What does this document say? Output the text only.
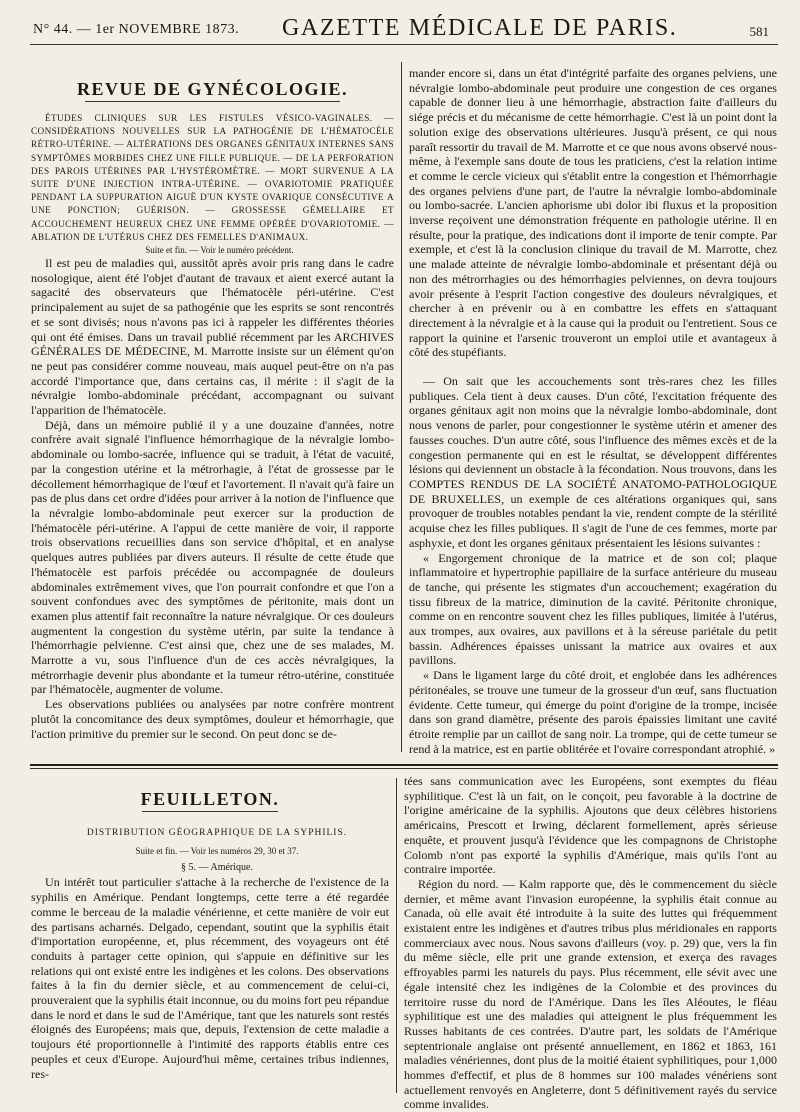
N° 44. — 1er NOVEMBRE 1873. GAZETTE MÉDICALE DE PARIS.	581
REVUE DE GYNÉCOLOGIE.

ÉTUDES CLINIQUES SUR LES FISTULES VÉSICO-VAGINALES. — CONSIDÉRATIONS NOUVELLES SUR LA PATHOGÉNIE DE L'HÉMATOCÈLE RÉTRO-UTÉRINE. — ALTÉRATIONS DES ORGANES GÉNITAUX INTERNES SANS SYMPTÔMES MORBIDES CHEZ UNE FILLE PUBLIQUE. — DE LA PERFORATION DES PAROIS UTÉRINES PAR L'HYSTÉROMÈTRE. — MORT SURVENUE A LA SUITE D'UNE INJECTION INTRA-UTÉRINE. — OVARIOTOMIE PRATIQUÉE PENDANT LA SUPPURATION AIGUË D'UN KYSTE OVARIQUE CONSÉCUTIVE A UNE PONCTION; GUÉRISON. — GROSSESSE GÉMELLAIRE ET ACCOUCHEMENT HEUREUX CHEZ UNE FEMME OPÉRÉE D'OVARIOTOMIE. — ABLATION DE L'UTÉRUS CHEZ DES FEMELLES D'ANIMAUX.

Suite et fin. — Voir le numéro précédent.

Il est peu de maladies qui, aussitôt après avoir pris rang dans le cadre nosologique, aient été l'objet d'autant de travaux et aient exercé autant la sagacité des observateurs que l'hématocèle péri-utérine. C'est principalement au sujet de sa pathogénie que les esprits se sont rencontrés et se sont divisés; nous n'avons pas ici à rappeler les différentes théories qui ont été émises. Dans un travail publié récemment par les ARCHIVES GÉNÉRALES DE MÉDECINE, M. Marrotte insiste sur un élément qu'on ne peut pas considérer comme nouveau, mais auquel peut-être on n'a pas accordé l'importance que, dans certains cas, il mérite : il s'agit de la névralgie lombo-abdominale précédant, accompagnant ou suivant l'apparition de l'hématocèle.

Déjà, dans un mémoire publié il y a une douzaine d'années, notre confrère avait signalé l'influence hémorrhagique de la névralgie lombo-abdominale ou lombo-sacrée, influence qui se traduit, à l'état de vacuité, par la congestion utérine et la métrorhagie, à l'état de grossesse par le décollement hémorrhagique de l'œuf et l'avortement. Il n'avait qu'à faire un pas de plus dans cet ordre d'idées pour arriver à la notion de l'influence que la névralgie lombo-abdominale peut exercer sur la production de l'hématocèle péri-utérine. A l'appui de cette manière de voir, il rapporte trois observations recueillies dans son service d'hôpital, et en analyse quelques autres publiées par divers auteurs. Il résulte de cette étude que l'hématocèle est parfois précédée ou accompagnée de douleurs abdominales extrêmement vives, que l'on pourrait confondre et que l'on a souvent confondues avec des symptômes de péritonite, mais dont un examen plus attentif fait reconnaître la nature névralgique. Or ces douleurs augmentent la congestion du système utérin, par suite la tendance à l'hémorrhagie pelvienne. C'est ainsi que, chez une de ses malades, M. Marrotte a vu, sous l'influence d'un de ces accès névralgiques, la métrorrhagie devenir plus abondante et la tumeur rétro-utérine, constituée par l'hématocèle, augmenter de volume.

Les observations publiées ou analysées par notre confrère montrent plutôt la concomitance des deux symptômes, douleur et hémorrhagie, que l'action primitive du premier sur le second. On peut donc se de-

mander encore si, dans un état d'intégrité parfaite des organes pelviens, une névralgie lombo-abdominale peut produire une congestion de ces organes capable de donner lieu à une hémorrhagie, abstraction faite d'ailleurs du siége précis et du mécanisme de cette hémorrhagie. C'est là un point dont la solution exige des observations ultérieures. Jusqu'à présent, ce qui nous paraît ressortir du travail de M. Marrotte et ce que nous avons observé nous-même, à l'exemple sans doute de tous les praticiens, c'est la relation intime et comme le cercle vicieux qui s'établit entre la congestion et l'hémorrhagie des organes pelviens d'une part, de l'autre la névralgie lombo-abdominale ou lombo-sacrée. L'ancien aphorisme ubi dolor ibi fluxus et la proposition inverse reçoivent une démonstration fréquente en pathologie utérine. Il en résulte, pour la pratique, des indications dont il importe de tenir compte. Par exemple, et c'est là la conclusion clinique du travail de M. Marrotte, chez une malade atteinte de névralgie lombo-abdominale et présentant déjà ou non des métrorrhagies ou des hémorrhagies pelviennes, on devra toujours avoir présente à l'esprit l'action congestive des douleurs névralgiques, et chercher à en prévenir ou à en combattre les effets en s'attaquant directement à la névralgie et à la cause qui la produit ou l'entretient. Sous ce rapport la quinine et l'arsenic trouveront un emploi utile et avantageux à côté des stupéfiants.

— On sait que les accouchements sont très-rares chez les filles publiques. Cela tient à deux causes. D'un côté, l'excitation fréquente des organes génitaux agit non moins que la névralgie lombo-abdominale, dont nous venons de parler, pour congestionner le système utérin et amener des fausses couches. D'un autre côté, sous l'influence des mêmes excès et de la congestion permanente qui en est le résultat, se développent différentes lésions qui deviennent un obstacle à la fécondation. Nous trouvons, dans les COMPTES RENDUS DE LA SOCIÉTÉ ANATOMO-PATHOLOGIQUE DE BRUXELLES, un exemple de ces altérations organiques qui, sans provoquer de troubles notables pendant la vie, rendent compte de la stérilité acquise chez les filles publiques. Il s'agit de l'une de ces femmes, morte par asphyxie, et dont les organes génitaux présentaient les lésions suivantes :

« Engorgement chronique de la matrice et de son col; plaque inflammatoire et hypertrophie papillaire de la surface antérieure du museau de tanche, qui présente les stigmates d'un accouchement; exagération du tissu fibreux de la matrice, diminution de la cavité. Péritonite chronique, comme on en rencontre souvent chez les filles publiques, limitée à l'utérus, aux trompes, aux ovaires, aux pavillons et à la séreuse pariétale du petit bassin. Adhérences épaisses unissant la matrice aux ovaires et aux pavillons.

« Dans le ligament large du côté droit, et englobée dans les adhérences péritonéales, se trouve une tumeur de la grosseur d'un œuf, sans fluctuation évidente. Cette tumeur, qui émerge du point d'origine de la trompe, incisée dans son grand diamètre, présente des parois épaissies limitant une cavité étroite remplie par un caillot de sang noir. La trompe, qui de cette tumeur se rend à la matrice, est en partie oblitérée et l'ovaire correspondant atrophié. »

FEUILLETON.

DISTRIBUTION GÉOGRAPHIQUE DE LA SYPHILIS.

Suite et fin. — Voir les numéros 29, 30 et 37.

§ 5. — Amérique.

Un intérêt tout particulier s'attache à la recherche de l'existence de la syphilis en Amérique. Pendant longtemps, cette terre a été regardée comme le berceau de la maladie vénérienne, et cette manière de voir eut des partisans acharnés. Delgado, cependant, soutint que la syphilis était d'importation européenne, et, plus récemment, des voyageurs ont été conduits à partager cette opinion, qui s'appuie en définitive sur les relations qui ont existé entre les indigènes et les colons. Des observations faites à la fin du dernier siècle, et au commencement de celui-ci, prouveraient que la syphilis était inconnue, ou du moins fort peu répandue dans le nord et dans le sud de l'Amérique, tant que les naturels sont restés éloignés des Européens; mais que, depuis, l'extension de cette maladie a toujours été proportionnelle à l'intimité des rapports établis entre ces peuples et ceux d'Europe. Aujourd'hui même, certaines tribus indiennes, res-

tées sans communication avec les Européens, sont exemptes du fléau syphilitique. C'est là un fait, on le conçoit, peu favorable à la doctrine de l'origine américaine de la syphilis. Ajoutons que deux célèbres historiens américains, Prescott et Irwing, déclarent formellement, après sérieuse enquête, et prouvent jusqu'à l'évidence que les compagnons de Christophe Colomb n'ont pas exporté la syphilis d'Amérique, mais qu'ils l'ont au contraire importée.

Région du nord. — Kalm rapporte que, dès le commencement du siècle dernier, et même avant l'invasion européenne, la syphilis était connue au Canada, où elle avait été introduite à la suite des luttes qui fréquemment existaient entre les indigènes et d'autres tribus plus méridionales en rapports commerciaux avec nous. Nous savons d'ailleurs (voy. p. 29) que, vers la fin du même siècle, elle prit une grande extension, et exerça des ravages effroyables parmi les naturels du pays. Plus récemment, elle sévit avec une égale intensité chez les indigènes de la Colombie et des provinces du territoire russe du nord de l'Amérique. Dans les îles Aléoutes, le fléau syphilitique est une des maladies qui atteignent le plus fréquemment les Russes habitants de ces contrées. D'autre part, les soldats de l'Amérique septentrionale anglaise ont présenté annuellement, en 1862 et 1863, 161 maladies vénériennes, dont plus de la moitié étaient syphilitiques, pour 1,000 hommes d'effectif, et plus de 8 hommes sur 100 malades vénériens sont actuellement renvoyés en Angleterre, dont 5 définitivement rayés du service comme invalides.
